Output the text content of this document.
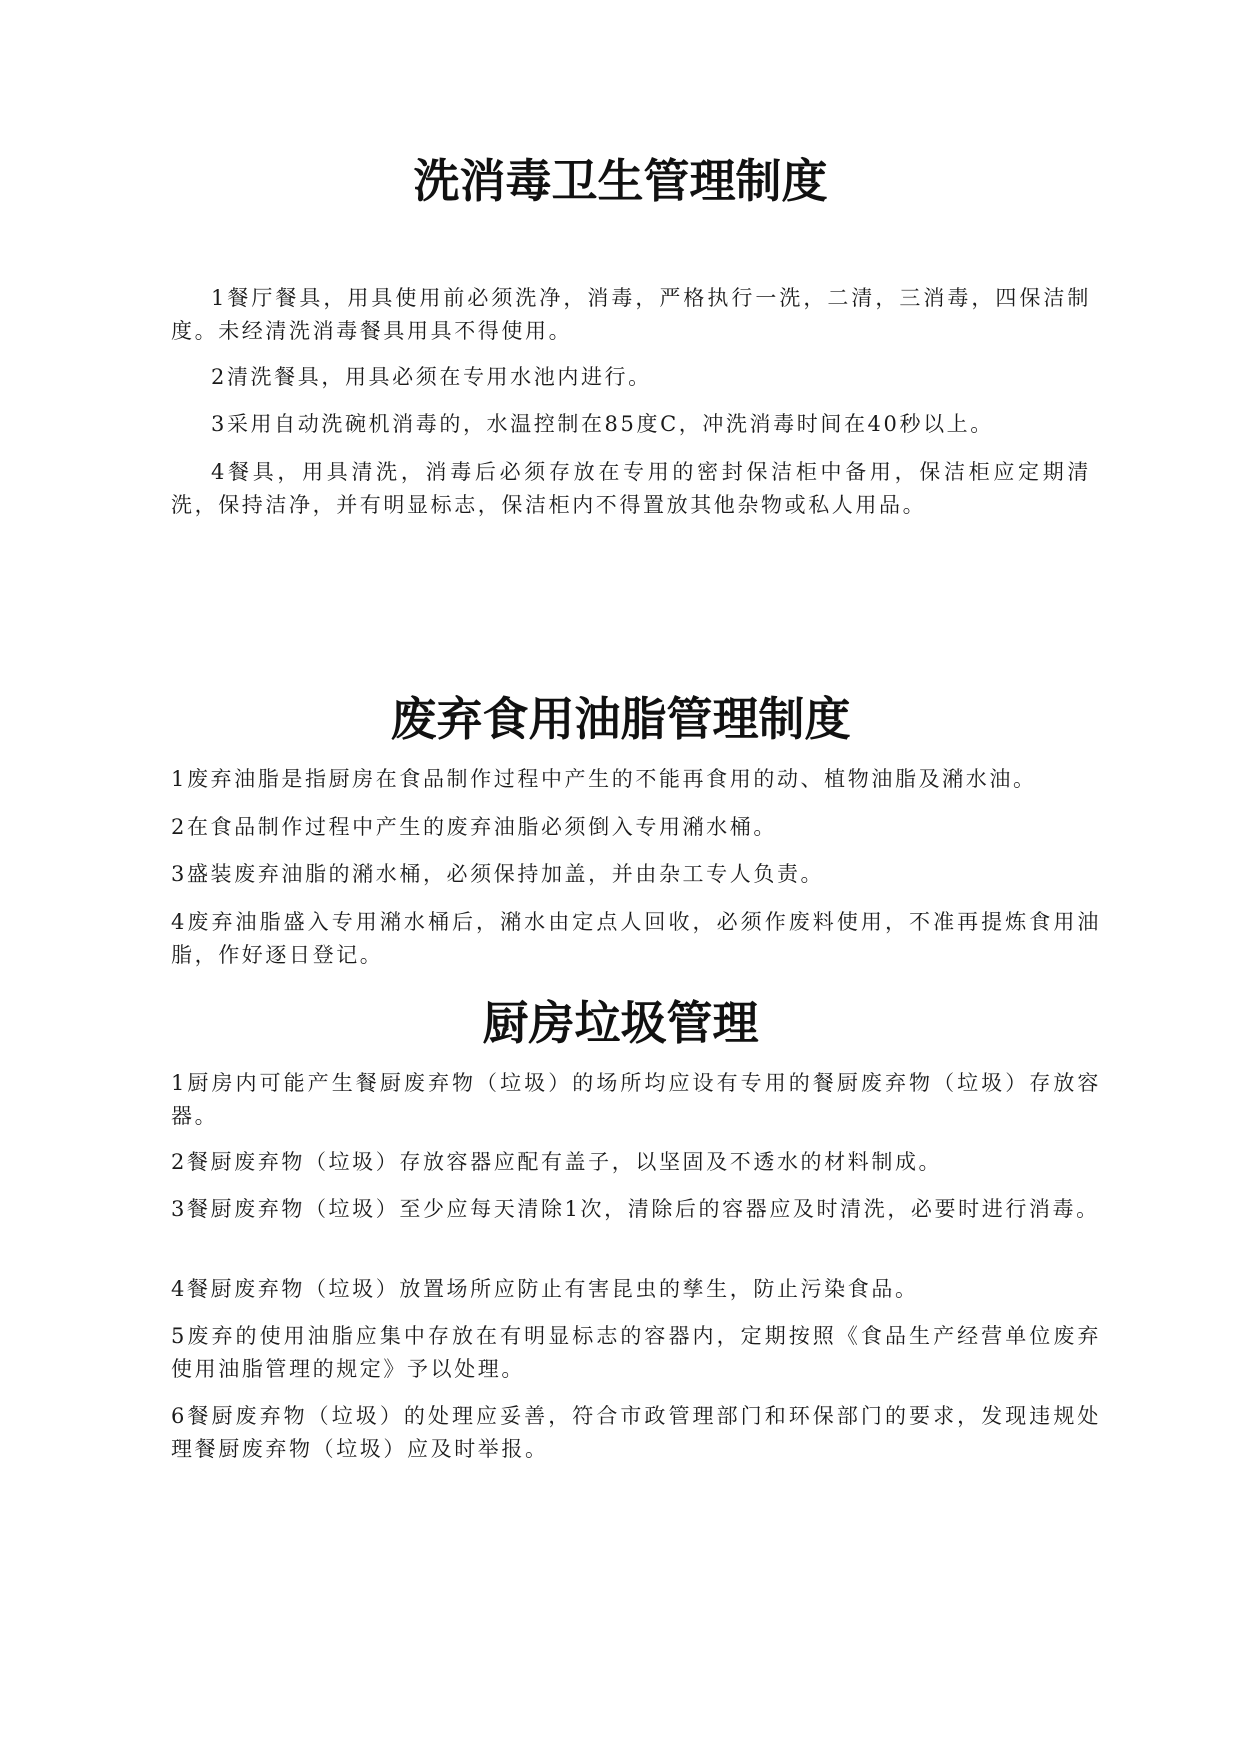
洗消毒卫生管理制度

1餐厅餐具，用具使用前必须洗净，消毒，严格执行一洗，二清，三消毒，四保洁制度。未经清洗消毒餐具用具不得使用。

2清洗餐具，用具必须在专用水池内进行。

3采用自动洗碗机消毒的，水温控制在85度C，冲洗消毒时间在40秒以上。

4餐具，用具清洗，消毒后必须存放在专用的密封保洁柜中备用，保洁柜应定期清洗，保持洁净，并有明显标志，保洁柜内不得置放其他杂物或私人用品。

废弃食用油脂管理制度

1废弃油脂是指厨房在食品制作过程中产生的不能再食用的动、植物油脂及潲水油。

2在食品制作过程中产生的废弃油脂必须倒入专用潲水桶。

3盛装废弃油脂的潲水桶，必须保持加盖，并由杂工专人负责。

4废弃油脂盛入专用潲水桶后，潲水由定点人回收，必须作废料使用，不准再提炼食用油脂，作好逐日登记。

厨房垃圾管理

1厨房内可能产生餐厨废弃物（垃圾）的场所均应设有专用的餐厨废弃物（垃圾）存放容器。

2餐厨废弃物（垃圾）存放容器应配有盖子，以坚固及不透水的材料制成。

3餐厨废弃物（垃圾）至少应每天清除1次，清除后的容器应及时清洗，必要时进行消毒。

4餐厨废弃物（垃圾）放置场所应防止有害昆虫的孳生，防止污染食品。

5废弃的使用油脂应集中存放在有明显标志的容器内，定期按照《食品生产经营单位废弃使用油脂管理的规定》予以处理。

6餐厨废弃物（垃圾）的处理应妥善，符合市政管理部门和环保部门的要求，发现违规处理餐厨废弃物（垃圾）应及时举报。
